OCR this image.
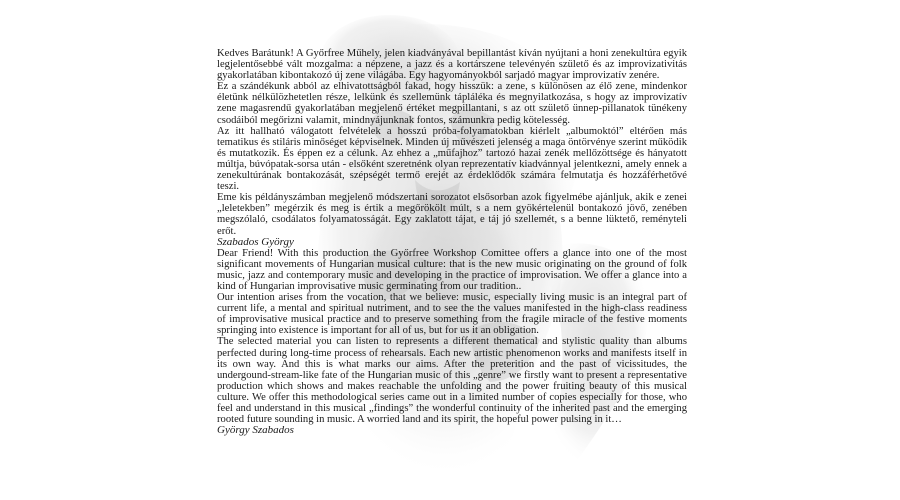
Kedves Barátunk! A Győrfree Műhely, jelen kiadványával bepillantást kíván nyújtani a honi zenekultúra egyik legjelentősebbé vált mozgalma: a népzene, a jazz és a kortárszene televényén születő és az improvizativitás gyakorlatában kibontakozó új zene világába. Egy hagyományokból sarjadó magyar improvizatív zenére.

Ez a szándékunk abból az elhivatottságból fakad, hogy hisszük: a zene, s különösen az élő zene, mindenkor életünk nélkülözhetetlen része, lelkünk és szellemünk tápláléka és megnyilatkozása, s hogy az improvizatív zene magasrendű gyakorlatában megjelenő értéket megpillantani, s az ott születő ünnep-pillanatok tünékeny csodáiból megőrizni valamit, mindnyájunknak fontos, számunkra pedig kötelesség.

Az itt hallható válogatott felvételek a hosszú próba-folyamatokban kiérlelt „albumoktól” eltérően más tematikus és stiláris minőséget képviselnek. Minden új művészeti jelenség a maga öntörvénye szerint működik és mutatkozik. És éppen ez a célunk. Az ehhez a „műfajhoz” tartozó hazai zenék mellőzöttsége és hányatott múltja, búvópatak-sorsa után - elsőként szeretnénk olyan reprezentatív kiadvánnyal jelentkezni, amely ennek a zenekultúrának bontakozását, szépségét termő erejét az érdeklődők számára felmutatja és hozzáférhetővé teszi.

Eme kis példányszámban megjelenő módszertani sorozatot elsősorban azok figyelmébe ajánljuk, akik e zenei „leletekben” megérzik és meg is értik a megőrökölt múlt, s a nem gyökértelenül bontakozó jövő, zenében megszólaló, csodálatos folyamatosságát. Egy zaklatott tájat, e táj jó szellemét, s a benne lüktető, reményteli erőt.

Szabados György

Dear Friend! With this production the Győrfree Workshop Comittee offers a glance into one of the most significant movements of Hungarian musical culture: that is the new music originating on the ground of folk music, jazz and contemporary music and developing in the practice of improvisation. We offer a glance into a kind of Hungarian improvisative music germinating from our tradition..

Our intention arises from the vocation, that we believe: music, especially living music is an integral part of current life, a mental and spiritual nutriment, and to see the the values manifested in the high-class readiness of improvisative musical practice and to preserve something from the fragile miracle of the festive moments springing into existence is important for all of us, but for us it an obligation.

The selected material you can listen to represents a different thematical and stylistic quality than albums perfected during long-time process of rehearsals. Each new artistic phenomenon works and manifests itself in its own way. And this is what marks our aims. After the preterition and the past of vicissitudes, the undergound-stream-like fate of the Hungarian music of this „genre” we firstly want to present a representative production which shows and makes reachable the unfolding and the power fruiting beauty of this musical culture. We offer this methodological series came out in a limited number of copies especially for those, who feel and understand in this musical „findings” the wonderful continuity of the inherited past and the emerging rooted future sounding in music. A worried land and its spirit, the hopeful power pulsing in it…

György Szabados
